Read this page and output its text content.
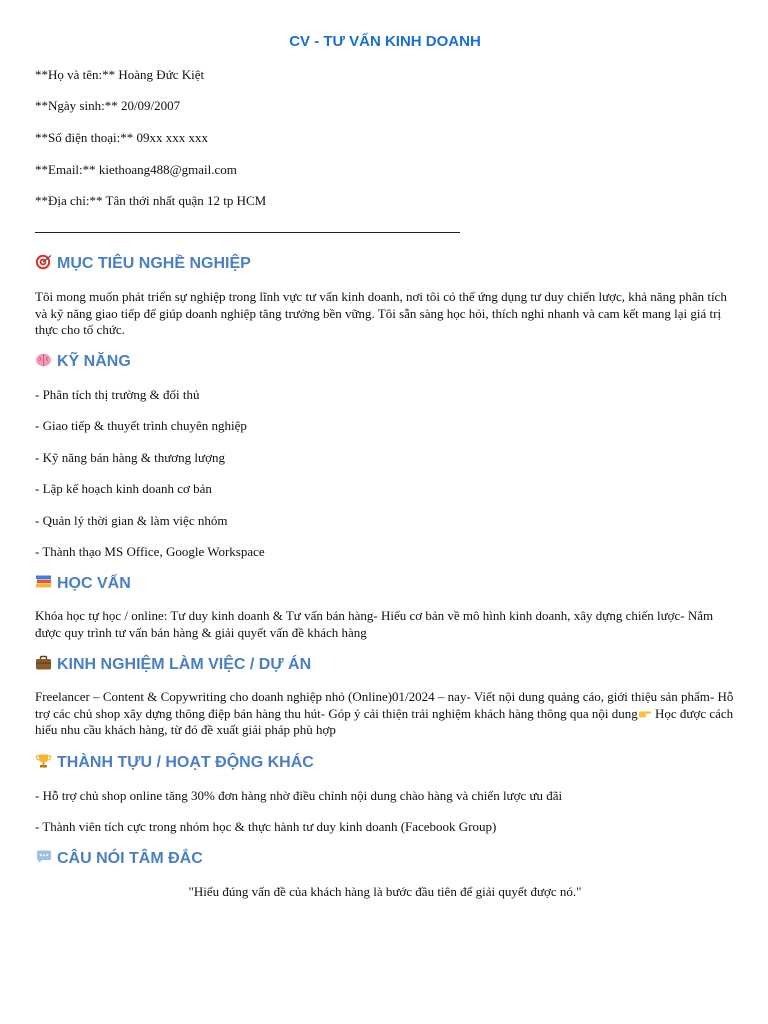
CV - TƯ VẤN KINH DOANH
**Họ và tên:** Hoàng Đức Kiệt
**Ngày sinh:** 20/09/2007
**Số điện thoại:** 09xx xxx xxx
**Email:** kiethoang488@gmail.com
**Địa chỉ:** Tân thới nhất quận 12 tp HCM
MỤC TIÊU NGHỀ NGHIỆP
Tôi mong muốn phát triển sự nghiệp trong lĩnh vực tư vấn kinh doanh, nơi tôi có thể ứng dụng tư duy chiến lược, khả năng phân tích và kỹ năng giao tiếp để giúp doanh nghiệp tăng trưởng bền vững. Tôi sẵn sàng học hỏi, thích nghi nhanh và cam kết mang lại giá trị thực cho tổ chức.
KỸ NĂNG
- Phân tích thị trường & đối thủ
- Giao tiếp & thuyết trình chuyên nghiệp
- Kỹ năng bán hàng & thương lượng
- Lập kế hoạch kinh doanh cơ bản
- Quản lý thời gian & làm việc nhóm
- Thành thạo MS Office, Google Workspace
HỌC VẤN
Khóa học tự học / online: Tư duy kinh doanh & Tư vấn bán hàng- Hiểu cơ bản về mô hình kinh doanh, xây dựng chiến lược- Nắm được quy trình tư vấn bán hàng & giải quyết vấn đề khách hàng
KINH NGHIỆM LÀM VIỆC / DỰ ÁN
Freelancer – Content & Copywriting cho doanh nghiệp nhỏ (Online)01/2024 – nay- Viết nội dung quảng cáo, giới thiệu sản phẩm- Hỗ trợ các chủ shop xây dựng thông điệp bán hàng thu hút- Góp ý cải thiện trải nghiệm khách hàng thông qua nội dung Học được cách hiểu nhu cầu khách hàng, từ đó đề xuất giải pháp phù hợp
THÀNH TỰU / HOẠT ĐỘNG KHÁC
- Hỗ trợ chủ shop online tăng 30% đơn hàng nhờ điều chỉnh nội dung chào hàng và chiến lược ưu đãi
- Thành viên tích cực trong nhóm học & thực hành tư duy kinh doanh (Facebook Group)
CÂU NÓI TÂM ĐẮC
"Hiểu đúng vấn đề của khách hàng là bước đầu tiên để giải quyết được nó."
